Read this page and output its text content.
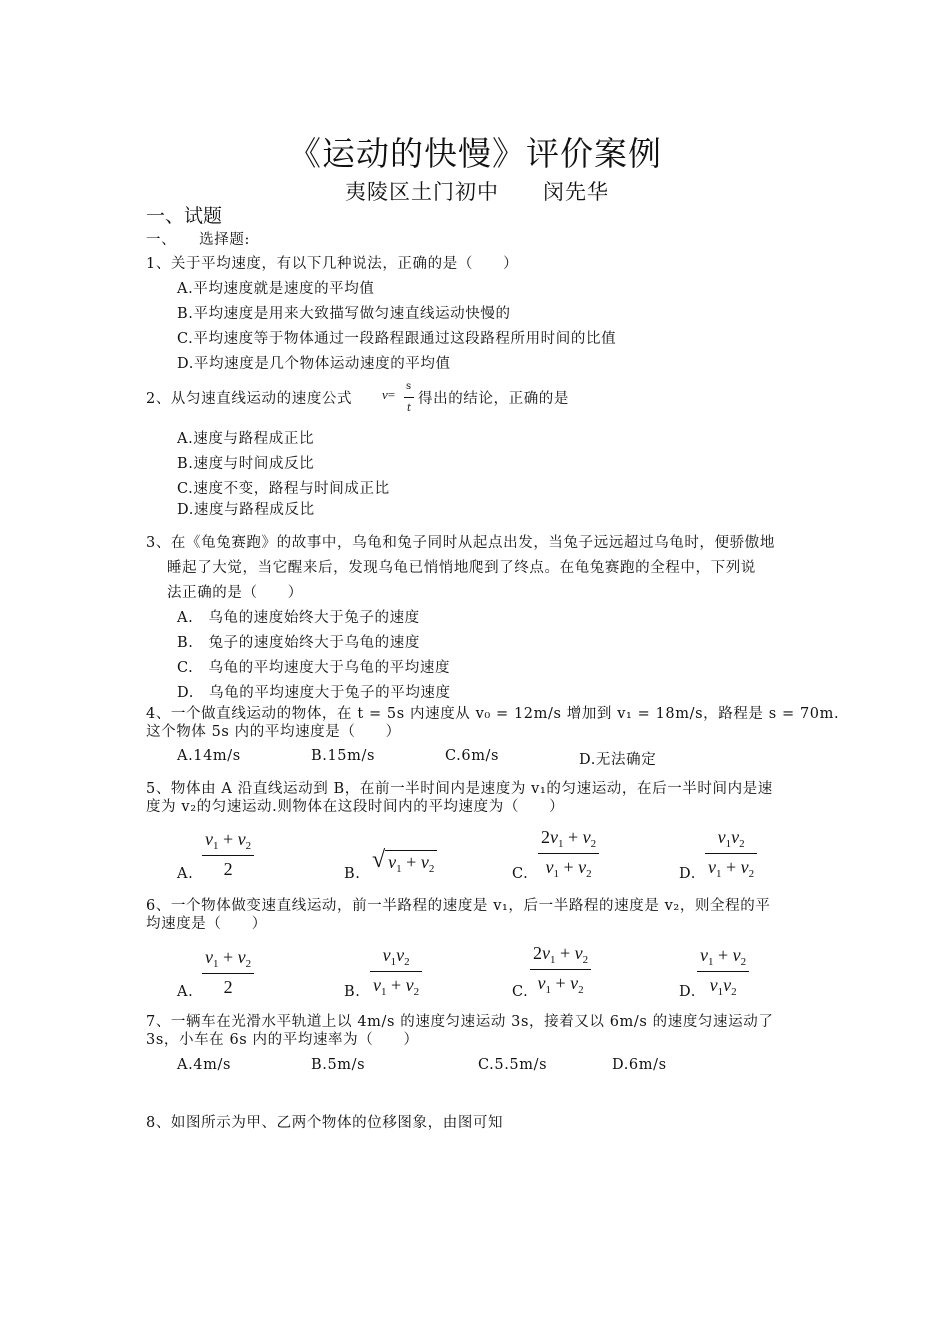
《运动的快慢》评价案例
夷陵区土门初中　　闵先华
一、试题
一、　　选择题:
1、关于平均速度，有以下几种说法，正确的是（　　）
A.平均速度就是速度的平均值
B.平均速度是用来大致描写做匀速直线运动快慢的
C.平均速度等于物体通过一段路程跟通过这段路程所用时间的比值
D.平均速度是几个物体运动速度的平均值
2、从匀速直线运动的速度公式 v=
s
t
得出的结论，正确的是
A.速度与路程成正比
B.速度与时间成反比
C.速度不变，路程与时间成正比
D.速度与路程成反比
3、在《龟兔赛跑》的故事中，乌龟和兔子同时从起点出发，当兔子远远超过乌龟时，便骄傲地
睡起了大觉，当它醒来后，发现乌龟已悄悄地爬到了终点。在龟兔赛跑的全程中，下列说
法正确的是（　　）
A.　乌龟的速度始终大于兔子的速度
B.　兔子的速度始终大于乌龟的速度
C.　乌龟的平均速度大于乌龟的平均速度
D.　乌龟的平均速度大于兔子的平均速度
4、一个做直线运动的物体，在 t = 5s 内速度从 v₀ = 12m/s 增加到 v₁ = 18m/s，路程是 s = 70m.
这个物体 5s 内的平均速度是（　　）
A.14m/s	B.15m/s	C.6m/s	D.无法确定
5、物体由 A 沿直线运动到 B，在前一半时间内是速度为 v₁的匀速运动，在后一半时间内是速
度为 v₂的匀速运动.则物体在这段时间内的平均速度为（　　）
A.
$v_1 + v_2$
2	B.
√ $v_1 + v_2$	C.
$2v_1 + v_2$
$v_1 + v_2$	D.
$v_1v_2$
$v_1 + v_2$
6、一个物体做变速直线运动，前一半路程的速度是 v₁，后一半路程的速度是 v₂，则全程的平
均速度是（　　）
A.
$v_1 + v_2$
2	B.
$v_1v_2$
$v_1 + v_2$	C.
$2v_1 + v_2$
$v_1 + v_2$	D.
$v_1 + v_2$
$v_1v_2$
7、一辆车在光滑水平轨道上以 4m/s 的速度匀速运动 3s，接着又以 6m/s 的速度匀速运动了
3s，小车在 6s 内的平均速率为（　　）
A.4m/s	B.5m/s	C.5.5m/s	D.6m/s
8、如图所示为甲、乙两个物体的位移图象，由图可知
